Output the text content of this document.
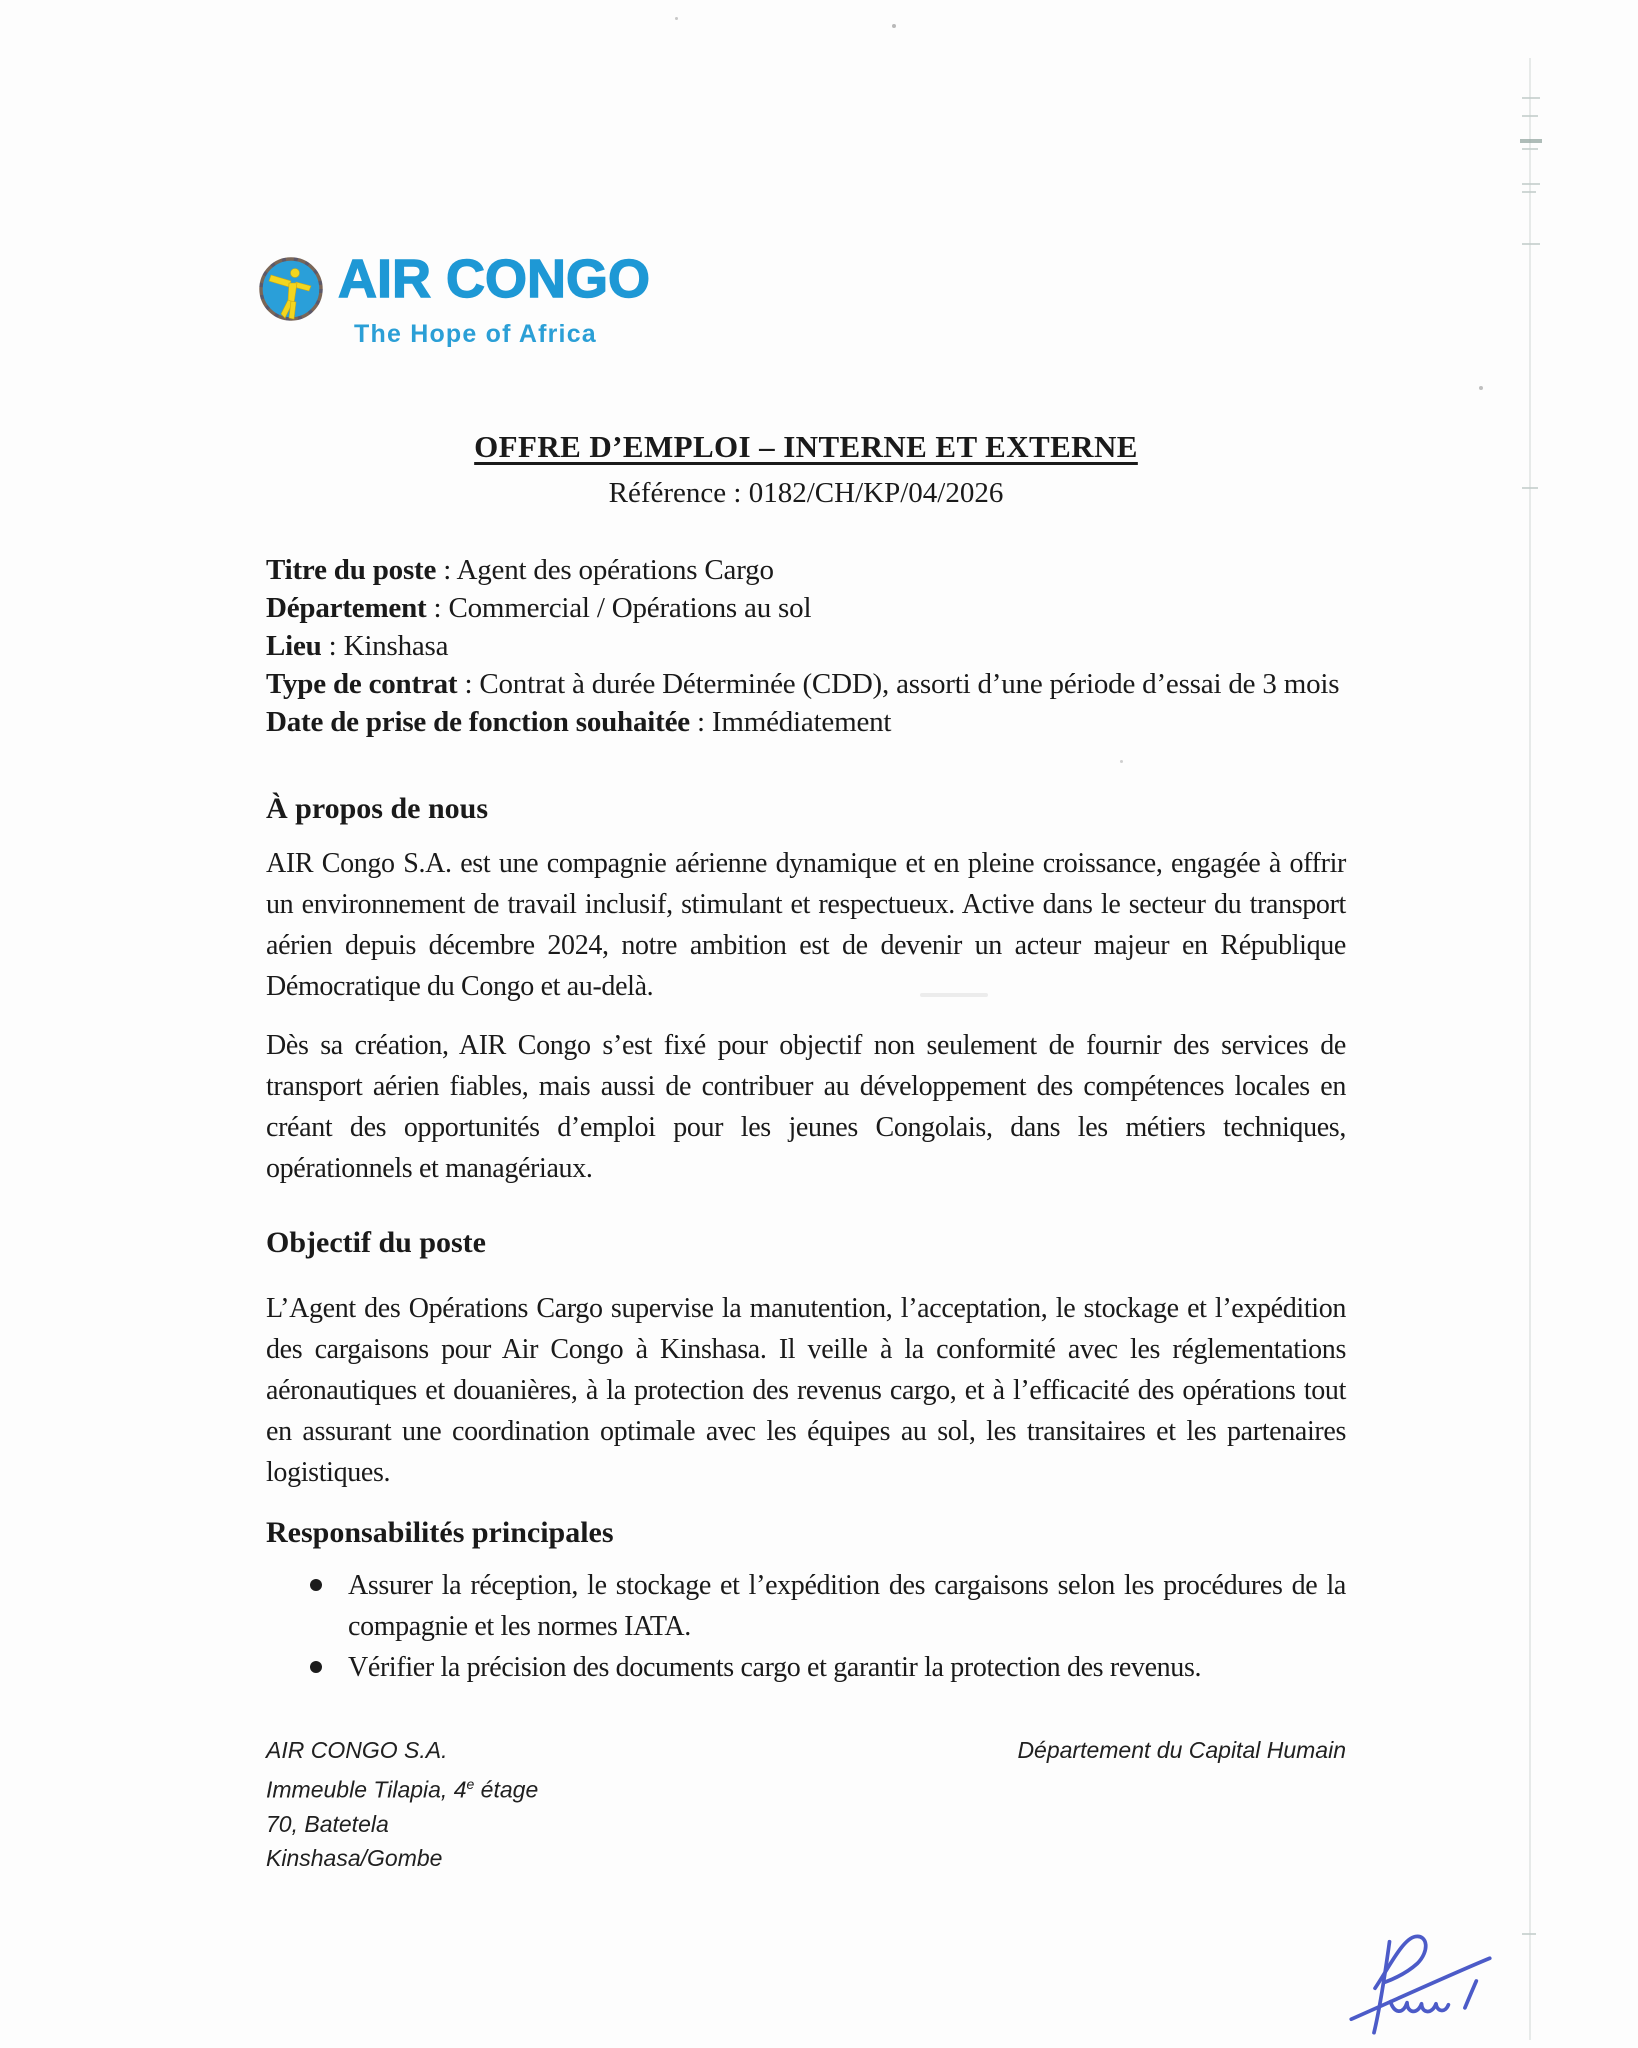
AIR CONGO
The Hope of Africa
OFFRE D’EMPLOI – INTERNE ET EXTERNE
Référence : 0182/CH/KP/04/2026

Titre du poste : Agent des opérations Cargo

Département : Commercial / Opérations au sol

Lieu : Kinshasa

Type de contrat : Contrat à durée Déterminée (CDD), assorti d’une période d’essai de 3 mois

Date de prise de fonction souhaitée : Immédiatement

À propos de nous
AIR Congo S.A. est une compagnie aérienne dynamique et en pleine croissance, engagée à offrir
un environnement de travail inclusif, stimulant et respectueux. Active dans le secteur du transport
aérien depuis décembre 2024, notre ambition est de devenir un acteur majeur en République
Démocratique du Congo et au-delà.
Dès sa création, AIR Congo s’est fixé pour objectif non seulement de fournir des services de
transport aérien fiables, mais aussi de contribuer au développement des compétences locales en
créant des opportunités d’emploi pour les jeunes Congolais, dans les métiers techniques,
opérationnels et managériaux.
Objectif du poste
L’Agent des Opérations Cargo supervise la manutention, l’acceptation, le stockage et l’expédition
des cargaisons pour Air Congo à Kinshasa. Il veille à la conformité avec les réglementations
aéronautiques et douanières, à la protection des revenus cargo, et à l’efficacité des opérations tout
en assurant une coordination optimale avec les équipes au sol, les transitaires et les partenaires
logistiques.
Responsabilités principales
Assurer la réception, le stockage et l’expédition des cargaisons selon les procédures de la
compagnie et les normes IATA.
Vérifier la précision des documents cargo et garantir la protection des revenus.
AIR CONGO S.A.
Immeuble Tilapia, 4e étage
70, Batetela
Kinshasa/Gombe
Département du Capital Humain
